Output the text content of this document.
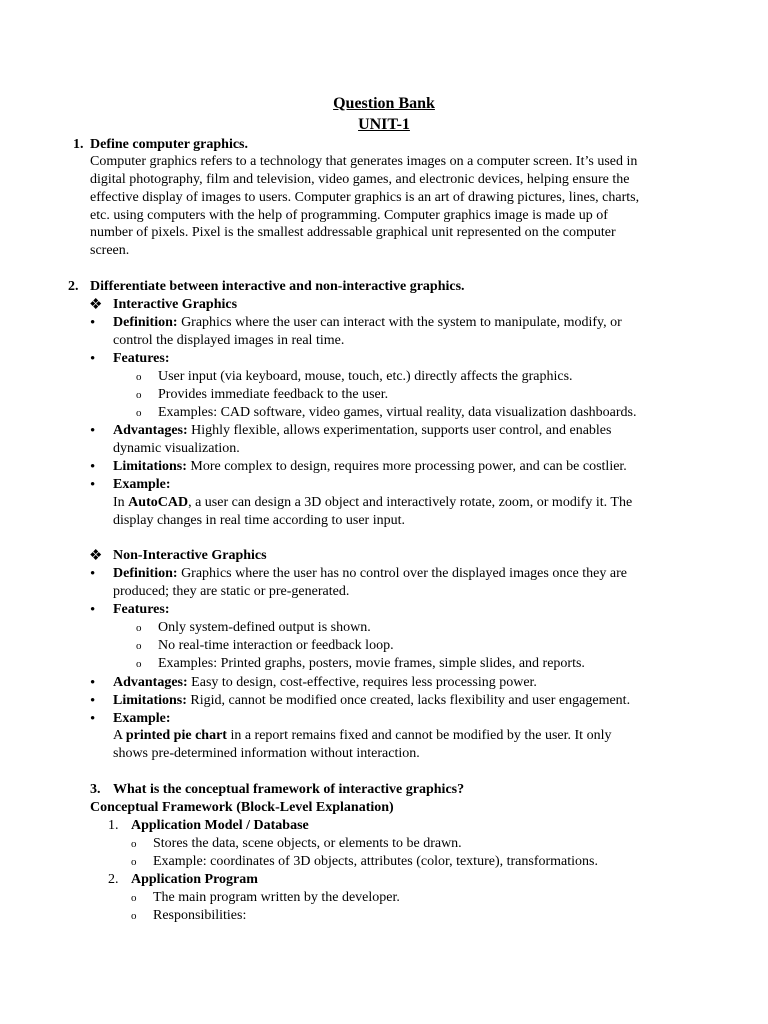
Question Bank
UNIT-1
1. Define computer graphics.
Computer graphics refers to a technology that generates images on a computer screen. It’s used in
digital photography, film and television, video games, and electronic devices, helping ensure the
effective display of images to users. Computer graphics is an art of drawing pictures, lines, charts,
etc. using computers with the help of programming. Computer graphics image is made up of
number of pixels. Pixel is the smallest addressable graphical unit represented on the computer
screen.
2. Differentiate between interactive and non-interactive graphics.
❖ Interactive Graphics
• Definition: Graphics where the user can interact with the system to manipulate, modify, or
control the displayed images in real time.
• Features:
o User input (via keyboard, mouse, touch, etc.) directly affects the graphics.
o Provides immediate feedback to the user.
o Examples: CAD software, video games, virtual reality, data visualization dashboards.
• Advantages: Highly flexible, allows experimentation, supports user control, and enables
dynamic visualization.
• Limitations: More complex to design, requires more processing power, and can be costlier.
• Example:
In AutoCAD, a user can design a 3D object and interactively rotate, zoom, or modify it. The
display changes in real time according to user input.
❖ Non-Interactive Graphics
• Definition: Graphics where the user has no control over the displayed images once they are
produced; they are static or pre-generated.
• Features:
o Only system-defined output is shown.
o No real-time interaction or feedback loop.
o Examples: Printed graphs, posters, movie frames, simple slides, and reports.
• Advantages: Easy to design, cost-effective, requires less processing power.
• Limitations: Rigid, cannot be modified once created, lacks flexibility and user engagement.
• Example:
A printed pie chart in a report remains fixed and cannot be modified by the user. It only
shows pre-determined information without interaction.
3. What is the conceptual framework of interactive graphics?
Conceptual Framework (Block-Level Explanation)
1. Application Model / Database
o Stores the data, scene objects, or elements to be drawn.
o Example: coordinates of 3D objects, attributes (color, texture), transformations.
2. Application Program
o The main program written by the developer.
o Responsibilities:
